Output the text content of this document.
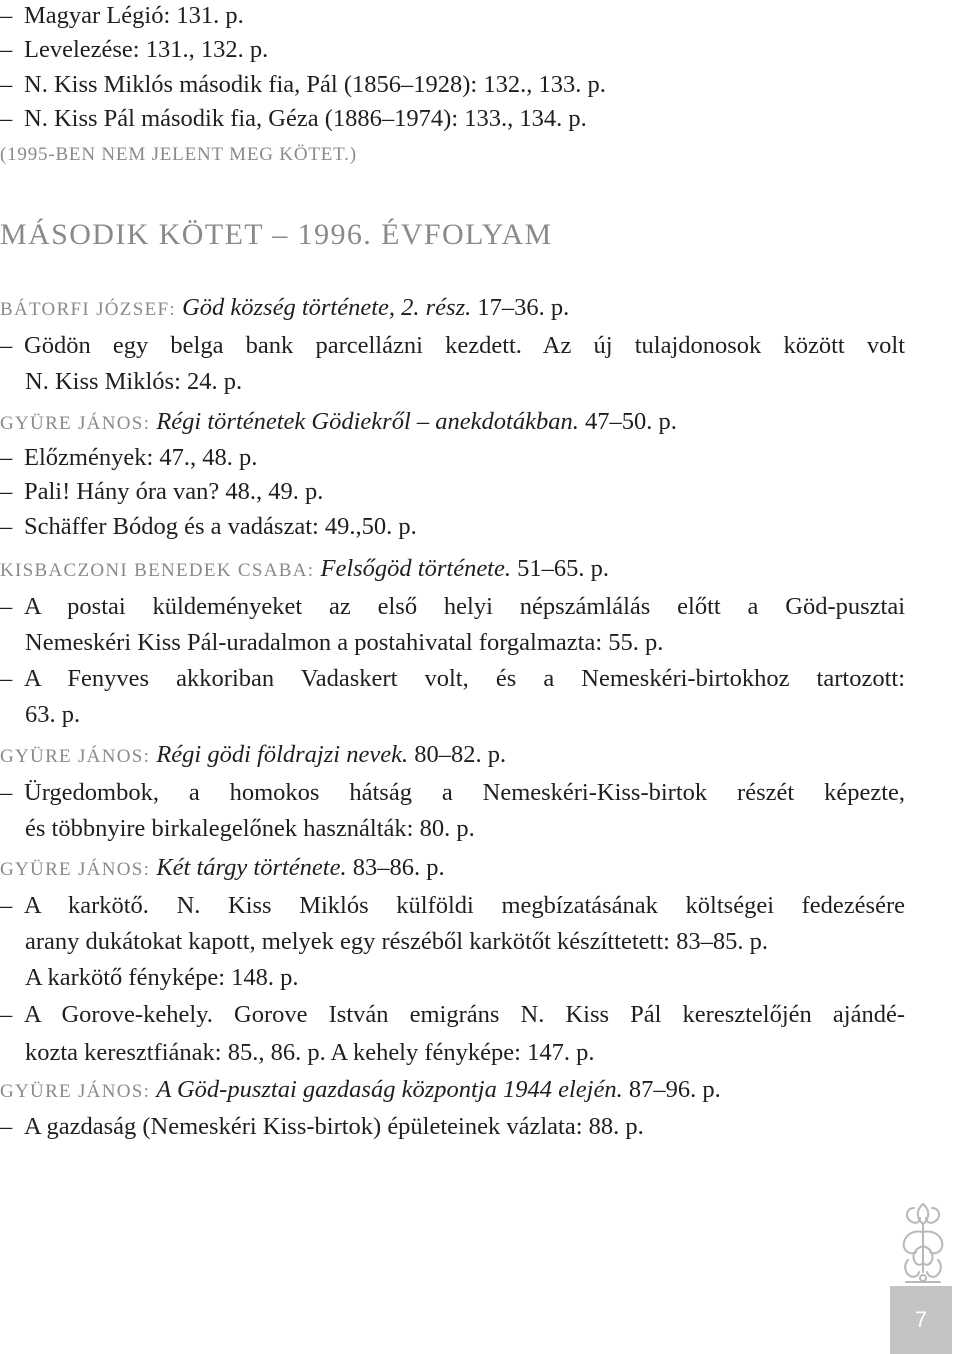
– Magyar Légió: 131. p.
– Levelezése: 131., 132. p.
– N. Kiss Miklós második fia, Pál (1856–1928): 132., 133. p.
– N. Kiss Pál második fia, Géza (1886–1974): 133., 134. p.
(1995-BEN NEM JELENT MEG KÖTET.)
MÁSODIK KÖTET – 1996. ÉVFOLYAM
BÁTORFI JÓZSEF: Göd község története, 2. rész. 17–36. p.
– Gödön egy belga bank parcellázni kezdett. Az új tulajdonosok között volt
N. Kiss Miklós: 24. p.
GYÜRE JÁNOS: Régi történetek Gödiekről – anekdotákban. 47–50. p.
– Előzmények: 47., 48. p.
– Pali! Hány óra van? 48., 49. p.
– Schäffer Bódog és a vadászat: 49.,50. p.
KISBACZONI BENEDEK CSABA: Felsőgöd története. 51–65. p.
– A postai küldeményeket az első helyi népszámlálás előtt a Göd-pusztai
Nemeskéri Kiss Pál-uradalmon a postahivatal forgalmazta: 55. p.
– A Fenyves akkoriban Vadaskert volt, és a Nemeskéri-birtokhoz tartozott:
63. p.
GYÜRE JÁNOS: Régi gödi földrajzi nevek. 80–82. p.
– Ürgedombok, a homokos hátság a Nemeskéri-Kiss-birtok részét képezte,
és többnyire birkalegelőnek használták: 80. p.
GYÜRE JÁNOS: Két tárgy története. 83–86. p.
– A karkötő. N. Kiss Miklós külföldi megbízatásának költségei fedezésére
arany dukátokat kapott, melyek egy részéből karkötőt készíttetett: 83–85. p.
A karkötő fényképe: 148. p.
– A Gorove-kehely. Gorove István emigráns N. Kiss Pál keresztelőjén ajándé-
kozta keresztfiának: 85., 86. p. A kehely fényképe: 147. p.
GYÜRE JÁNOS: A Göd-pusztai gazdaság központja 1944 elején. 87–96. p.
– A gazdaság (Nemeskéri Kiss-birtok) épületeinek vázlata: 88. p.
7
